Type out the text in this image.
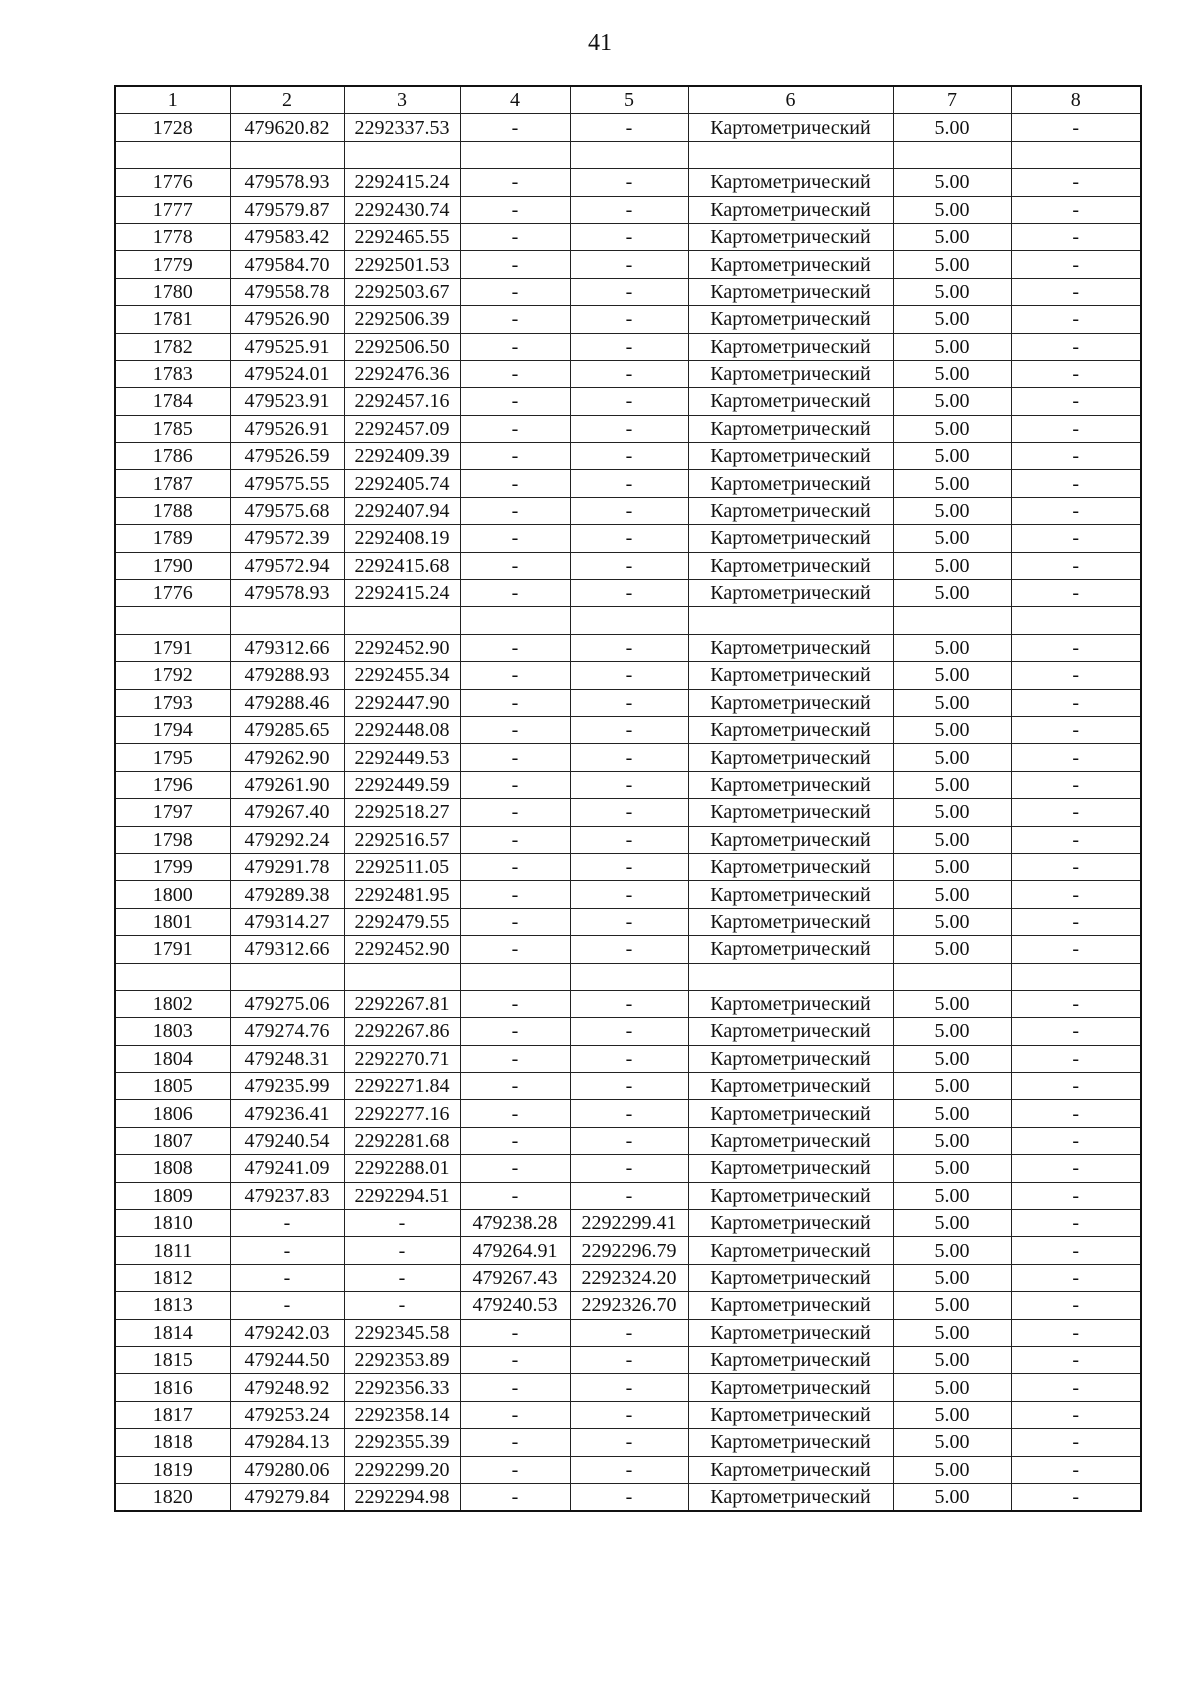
41
1	2	3	4	5	6	7	8
1728	479620.82	2292337.53	-	-	Картометрический	5.00	-

1776	479578.93	2292415.24	-	-	Картометрический	5.00	-
1777	479579.87	2292430.74	-	-	Картометрический	5.00	-
1778	479583.42	2292465.55	-	-	Картометрический	5.00	-
1779	479584.70	2292501.53	-	-	Картометрический	5.00	-
1780	479558.78	2292503.67	-	-	Картометрический	5.00	-
1781	479526.90	2292506.39	-	-	Картометрический	5.00	-
1782	479525.91	2292506.50	-	-	Картометрический	5.00	-
1783	479524.01	2292476.36	-	-	Картометрический	5.00	-
1784	479523.91	2292457.16	-	-	Картометрический	5.00	-
1785	479526.91	2292457.09	-	-	Картометрический	5.00	-
1786	479526.59	2292409.39	-	-	Картометрический	5.00	-
1787	479575.55	2292405.74	-	-	Картометрический	5.00	-
1788	479575.68	2292407.94	-	-	Картометрический	5.00	-
1789	479572.39	2292408.19	-	-	Картометрический	5.00	-
1790	479572.94	2292415.68	-	-	Картометрический	5.00	-
1776	479578.93	2292415.24	-	-	Картометрический	5.00	-

1791	479312.66	2292452.90	-	-	Картометрический	5.00	-
1792	479288.93	2292455.34	-	-	Картометрический	5.00	-
1793	479288.46	2292447.90	-	-	Картометрический	5.00	-
1794	479285.65	2292448.08	-	-	Картометрический	5.00	-
1795	479262.90	2292449.53	-	-	Картометрический	5.00	-
1796	479261.90	2292449.59	-	-	Картометрический	5.00	-
1797	479267.40	2292518.27	-	-	Картометрический	5.00	-
1798	479292.24	2292516.57	-	-	Картометрический	5.00	-
1799	479291.78	2292511.05	-	-	Картометрический	5.00	-
1800	479289.38	2292481.95	-	-	Картометрический	5.00	-
1801	479314.27	2292479.55	-	-	Картометрический	5.00	-
1791	479312.66	2292452.90	-	-	Картометрический	5.00	-

1802	479275.06	2292267.81	-	-	Картометрический	5.00	-
1803	479274.76	2292267.86	-	-	Картометрический	5.00	-
1804	479248.31	2292270.71	-	-	Картометрический	5.00	-
1805	479235.99	2292271.84	-	-	Картометрический	5.00	-
1806	479236.41	2292277.16	-	-	Картометрический	5.00	-
1807	479240.54	2292281.68	-	-	Картометрический	5.00	-
1808	479241.09	2292288.01	-	-	Картометрический	5.00	-
1809	479237.83	2292294.51	-	-	Картометрический	5.00	-
1810	-	-	479238.28	2292299.41	Картометрический	5.00	-
1811	-	-	479264.91	2292296.79	Картометрический	5.00	-
1812	-	-	479267.43	2292324.20	Картометрический	5.00	-
1813	-	-	479240.53	2292326.70	Картометрический	5.00	-
1814	479242.03	2292345.58	-	-	Картометрический	5.00	-
1815	479244.50	2292353.89	-	-	Картометрический	5.00	-
1816	479248.92	2292356.33	-	-	Картометрический	5.00	-
1817	479253.24	2292358.14	-	-	Картометрический	5.00	-
1818	479284.13	2292355.39	-	-	Картометрический	5.00	-
1819	479280.06	2292299.20	-	-	Картометрический	5.00	-
1820	479279.84	2292294.98	-	-	Картометрический	5.00	-
